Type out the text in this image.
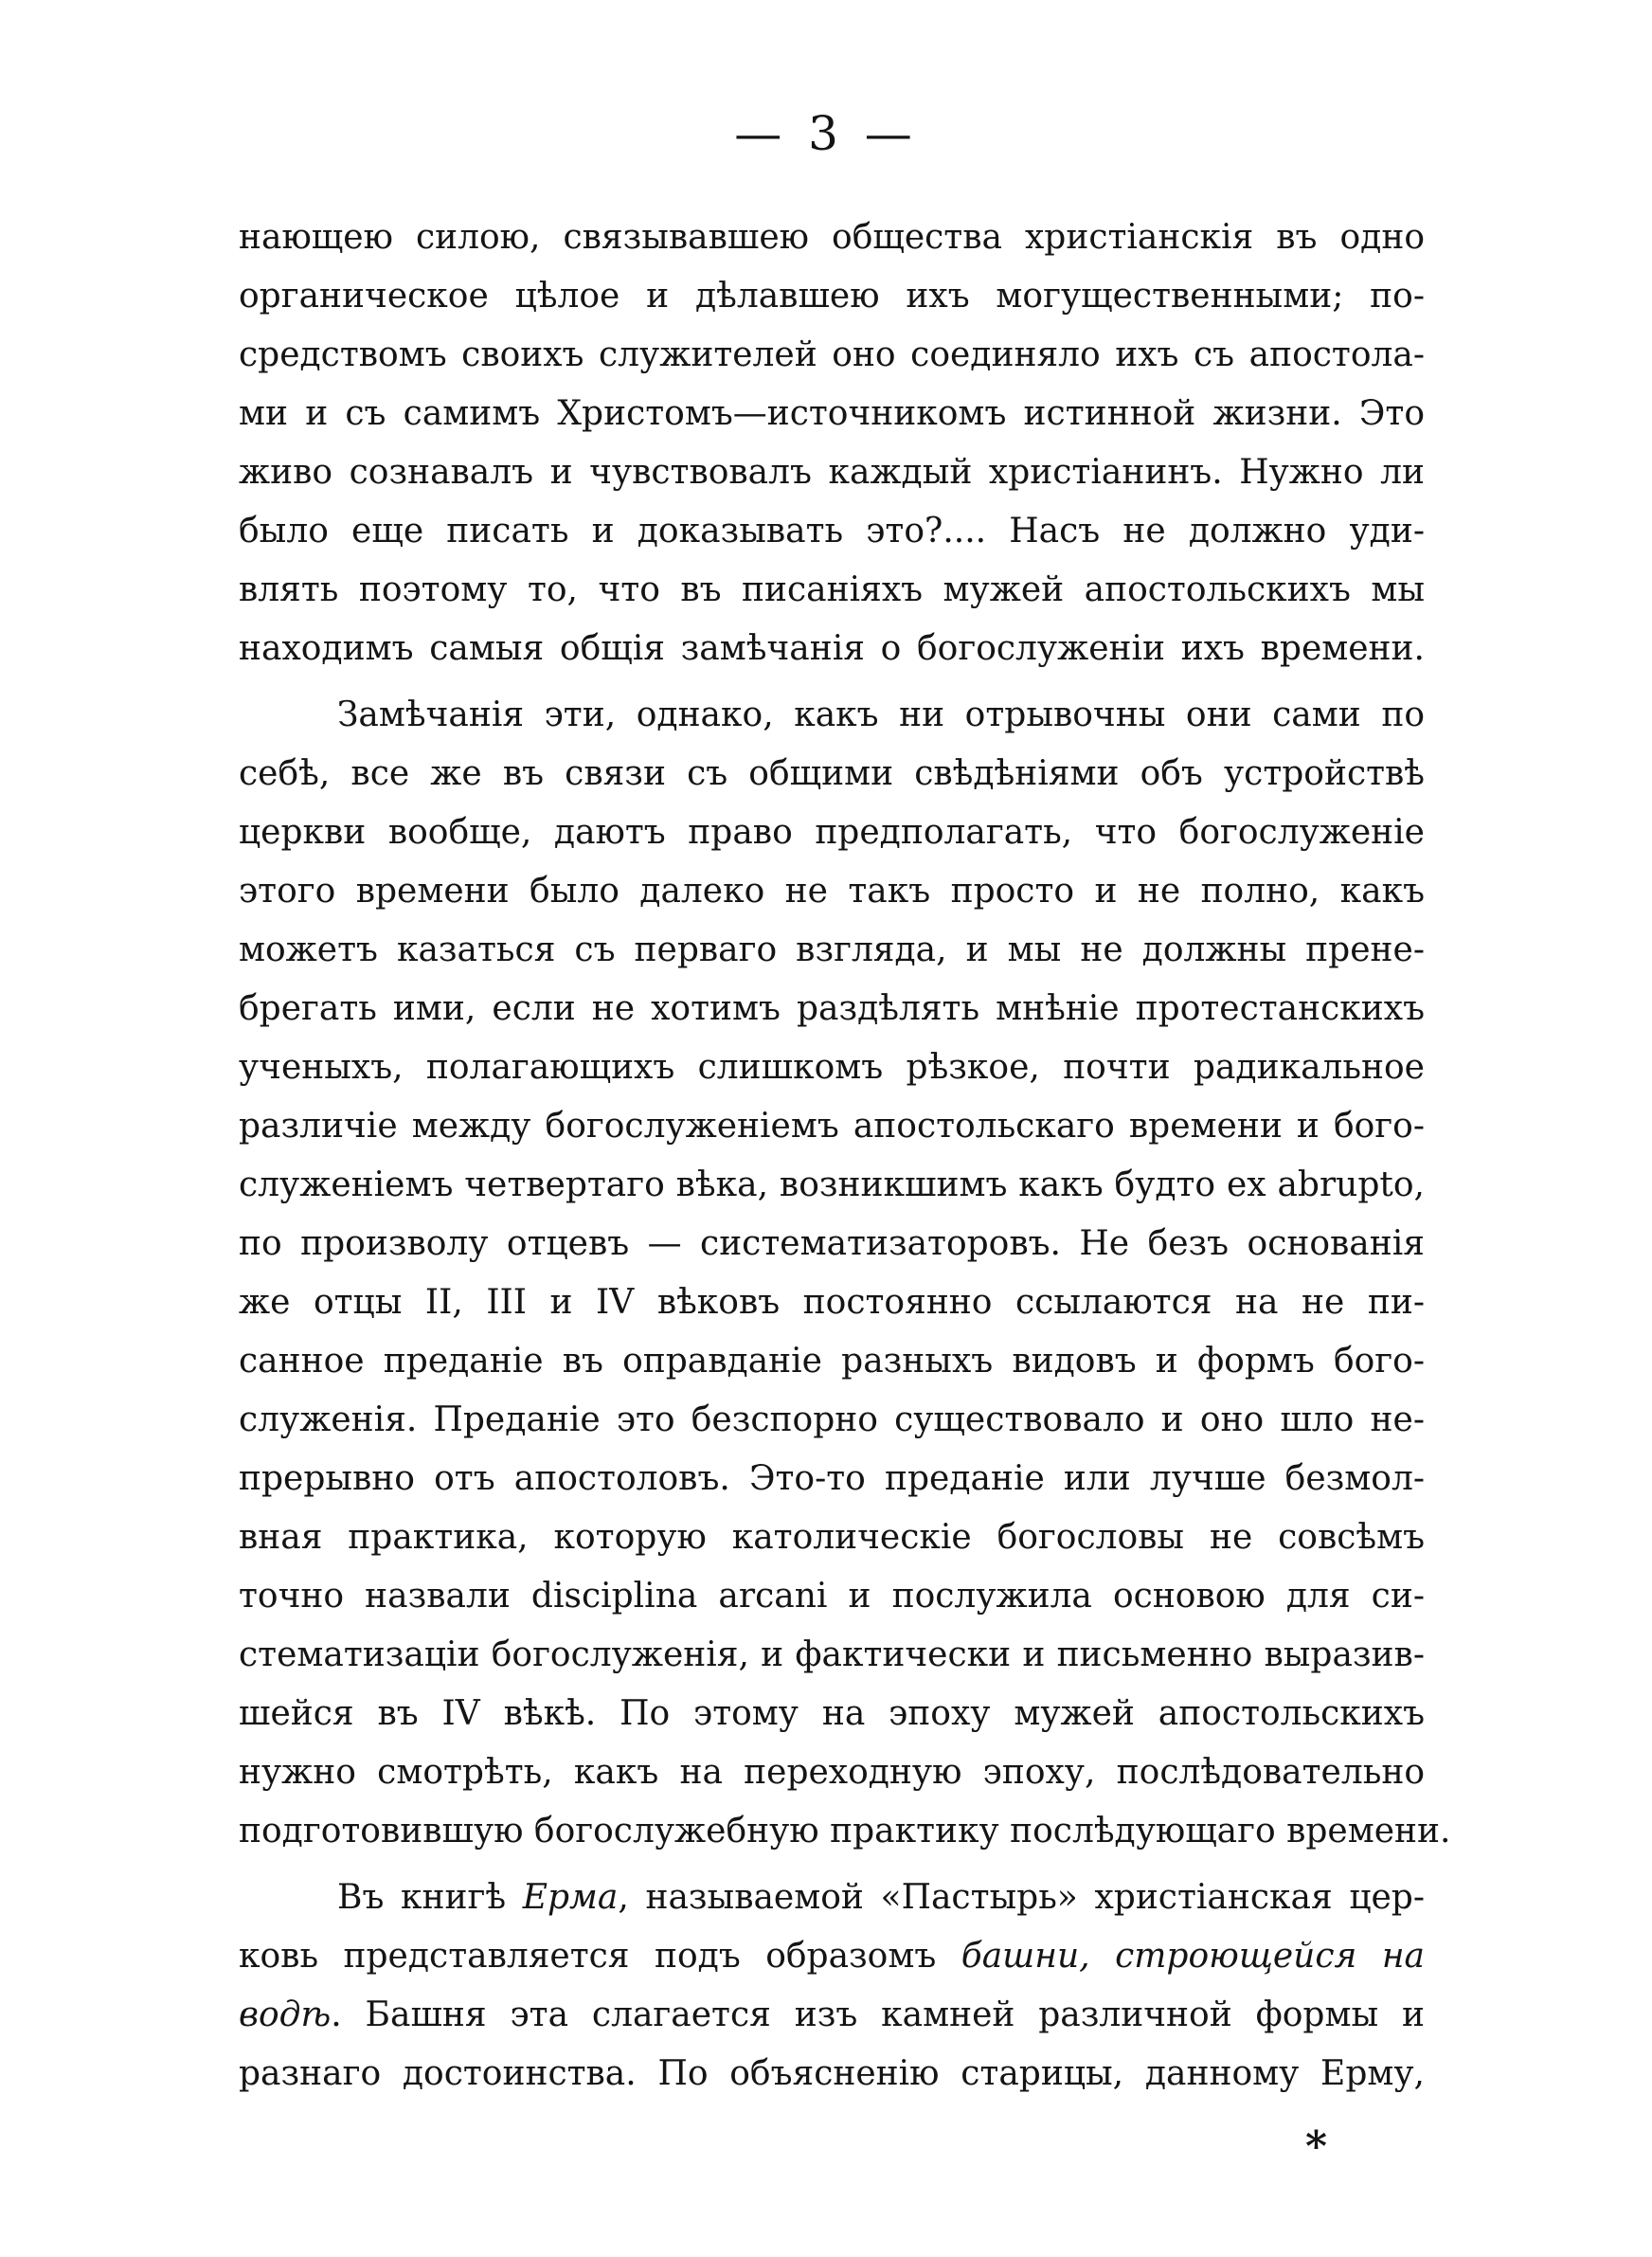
— 3 —
нающею силою, связывавшею общества христіанскія въ одно
органическое цѣлое и дѣлавшею ихъ могущественными; по-
средствомъ своихъ служителей оно соединяло ихъ съ апостола-
ми и съ самимъ Христомъ—источникомъ истинной жизни. Это
живо сознавалъ и чувствовалъ каждый христіанинъ. Нужно ли
было еще писать и доказывать это?.... Насъ не должно уди-
влять поэтому то, что въ писаніяхъ мужей апостольскихъ мы
находимъ самыя общія замѣчанія о богослуженіи ихъ времени.
Замѣчанія эти, однако, какъ ни отрывочны они сами по
себѣ, все же въ связи съ общими свѣдѣніями объ устройствѣ
церкви вообще, даютъ право предполагать, что богослуженіе
этого времени было далеко не такъ просто и не полно, какъ
можетъ казаться съ перваго взгляда, и мы не должны прене-
брегать ими, если не хотимъ раздѣлять мнѣніе протестанскихъ
ученыхъ, полагающихъ слишкомъ рѣзкое, почти радикальное
различіе между богослуженіемъ апостольскаго времени и бого-
служеніемъ четвертаго вѣка, возникшимъ какъ будто ex abrupto,
по произволу отцевъ — систематизаторовъ. Не безъ основанія
же отцы II, III и IV вѣковъ постоянно ссылаются на не пи-
санное преданіе въ оправданіе разныхъ видовъ и формъ бого-
служенія. Преданіе это безспорно существовало и оно шло не-
прерывно отъ апостоловъ. Это-то преданіе или лучше безмол-
вная практика, которую католическіе богословы не совсѣмъ
точно назвали disciplina arcani и послужила основою для си-
стематизаціи богослуженія, и фактически и письменно выразив-
шейся въ IV вѣкѣ. По этому на эпоху мужей апостольскихъ
нужно смотрѣть, какъ на переходную эпоху, послѣдовательно
подготовившую богослужебную практику послѣдующаго времени.
Въ книгѣ Ерма, называемой «Пастырь» христіанская цер-
ковь представляется подъ образомъ башни, строющейся на
водѣ. Башня эта слагается изъ камней различной формы и
разнаго достоинства. По объясненію старицы, данному Ерму,
*
